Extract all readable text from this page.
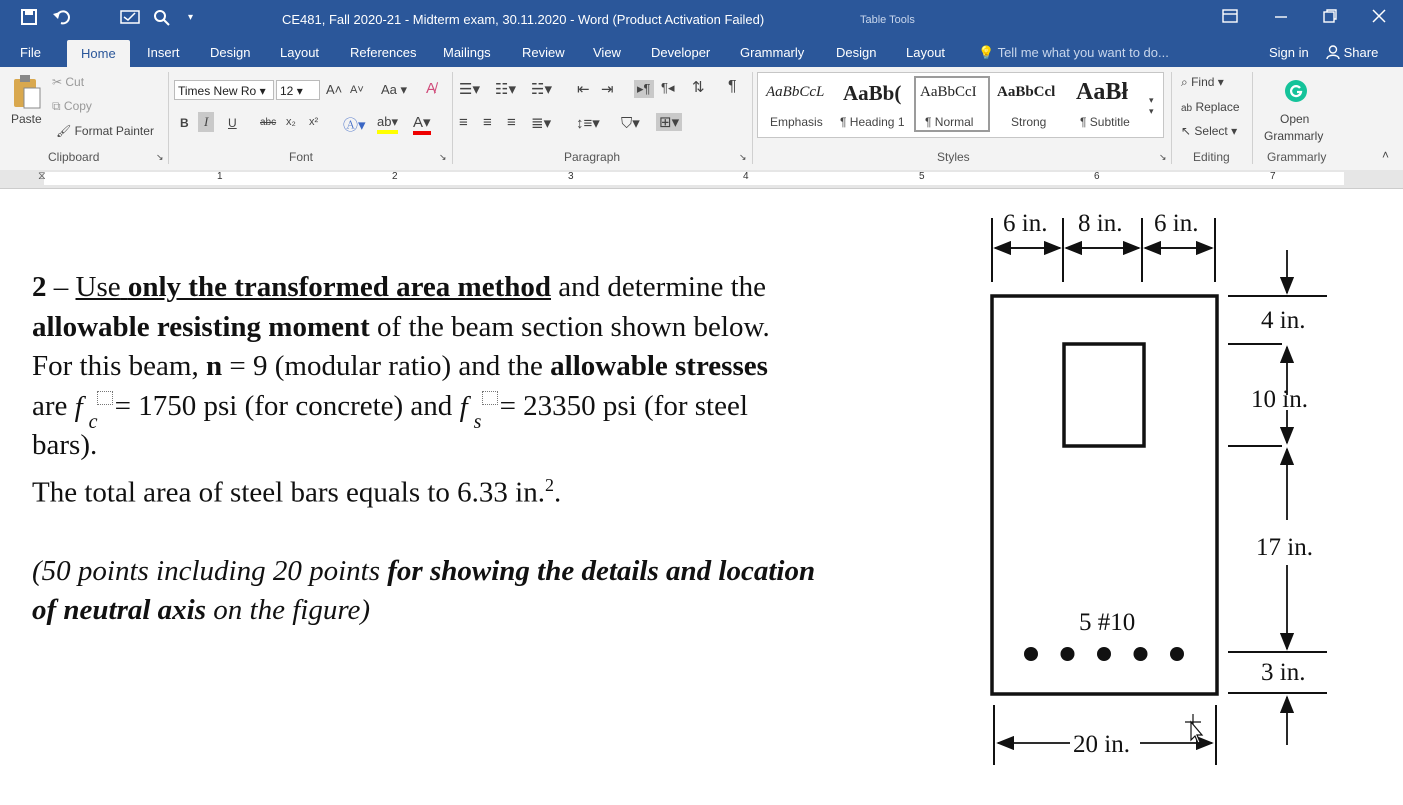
▾	CE481, Fall 2020-21 - Midterm exam, 30.11.2020 - Word (Product Activation Failed)	Table Tools
File	Home	Insert Design Layout References Mailings Review View Developer Grammarly Design Layout	💡 Tell me what you want to do...	Sign in	Share
Paste
✂ Cut
⧉ Copy
🖌 Format Painter
Clipboard	↘
Times New Ro ▾	12 ▾	A˄ A˅ Aa ▾ A̸
B	I	U abc x₂ x² Ⓐ▾ ab▾ A▾
Font	↘
☰▾ ☷▾ ☵▾ ⇤ ⇥ ▸¶ ¶◂ ⇅ ¶
≡ ≡ ≡ ≣▾ ↕≡▾ ⛉▾ ⊞▾
Paragraph	↘
AaBbCcL
Emphasis
AaBb(
¶ Heading 1
AaBbCcI
¶ Normal
AaBbCcl
Strong
AaBł
¶ Subtitle
▾
▾
Styles	↘
⌕ Find ▾
ab Replace
↖ Select ▾
Editing
Open
Grammarly
Grammarly	˄
⧖	1	2	3	4	5	6	7

2 – Use only the transformed area method and determine the

allowable resisting moment of the beam section shown below.

For this beam, n = 9 (modular ratio) and the allowable stresses

are f c = 1750 psi (for concrete) and f s = 23350 psi (for steel

bars).

The total area of steel bars equals to 6.33 in.$^2$.

(50 points including 20 points for showing the details and location

of neutral axis on the figure)

6 in. 8 in. 6 in.
5 #10
4 in.
10 in.
17 in.
3 in.
20 in.
